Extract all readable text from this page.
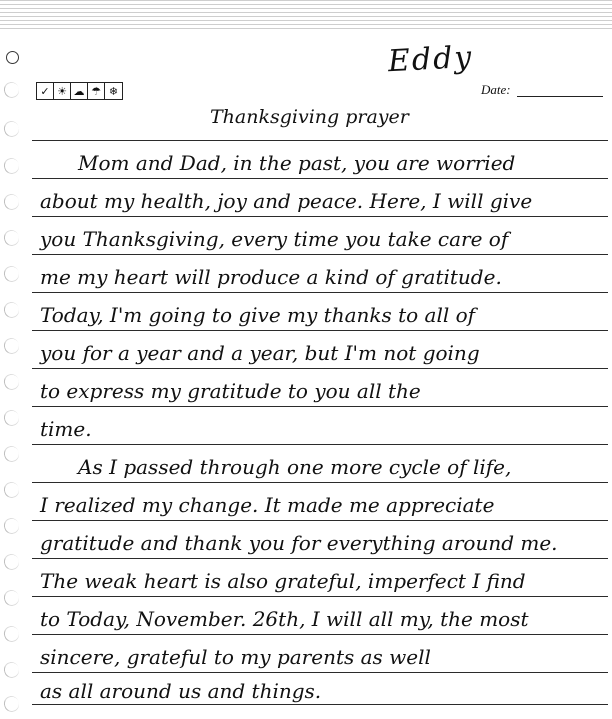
Eddy
✓ ☀ ☁ ☂ ❄	Date:
Thanksgiving prayer
Mom and Dad, in the past, you are worried
about my health, joy and peace. Here, I will give
you Thanksgiving, every time you take care of
me my heart will produce a kind of gratitude.
Today, I'm going to give my thanks to all of
you for a year and a year, but I'm not going
to express my gratitude to you all the
time.
As I passed through one more cycle of life,
I realized my change. It made me appreciate
gratitude and thank you for everything around me.
The weak heart is also grateful, imperfect I find
to Today, November. 26th, I will all my, the most
sincere, grateful to my parents as well
as all around us and things.
